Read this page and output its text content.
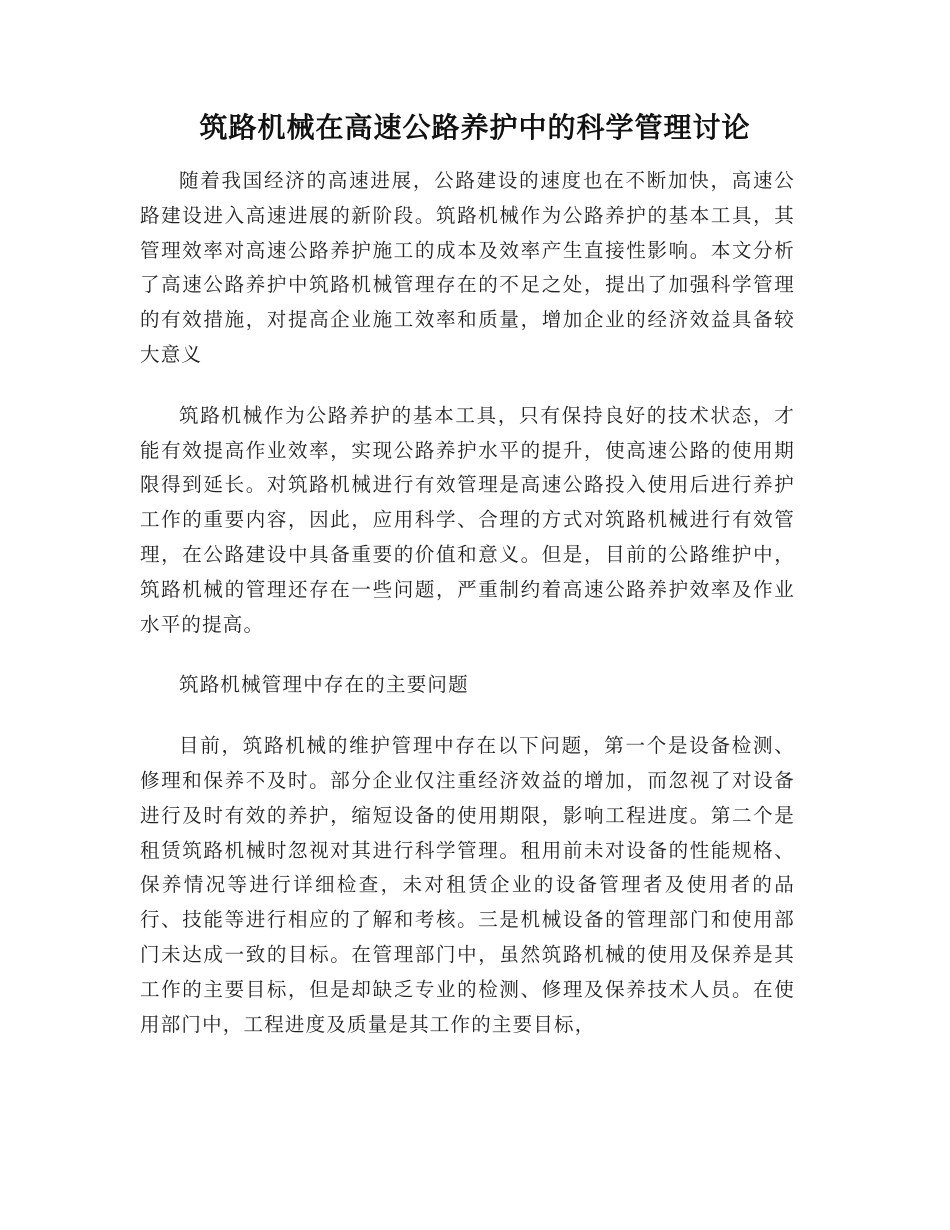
筑路机械在高速公路养护中的科学管理讨论

随着我国经济的高速进展，公路建设的速度也在不断加快，高速公路建设进入高速进展的新阶段。筑路机械作为公路养护的基本工具，其管理效率对高速公路养护施工的成本及效率产生直接性影响。本文分析了高速公路养护中筑路机械管理存在的不足之处，提出了加强科学管理的有效措施，对提高企业施工效率和质量，增加企业的经济效益具备较大意义

筑路机械作为公路养护的基本工具，只有保持良好的技术状态，才能有效提高作业效率，实现公路养护水平的提升，使高速公路的使用期限得到延长。对筑路机械进行有效管理是高速公路投入使用后进行养护工作的重要内容，因此，应用科学、合理的方式对筑路机械进行有效管理，在公路建设中具备重要的价值和意义。但是，目前的公路维护中，筑路机械的管理还存在一些问题，严重制约着高速公路养护效率及作业水平的提高。

筑路机械管理中存在的主要问题

目前，筑路机械的维护管理中存在以下问题，第一个是设备检测、修理和保养不及时。部分企业仅注重经济效益的增加，而忽视了对设备进行及时有效的养护，缩短设备的使用期限，影响工程进度。第二个是租赁筑路机械时忽视对其进行科学管理。租用前未对设备的性能规格、保养情况等进行详细检查，未对租赁企业的设备管理者及使用者的品行、技能等进行相应的了解和考核。三是机械设备的管理部门和使用部门未达成一致的目标。在管理部门中，虽然筑路机械的使用及保养是其工作的主要目标，但是却缺乏专业的检测、修理及保养技术人员。在使用部门中，工程进度及质量是其工作的主要目标，
